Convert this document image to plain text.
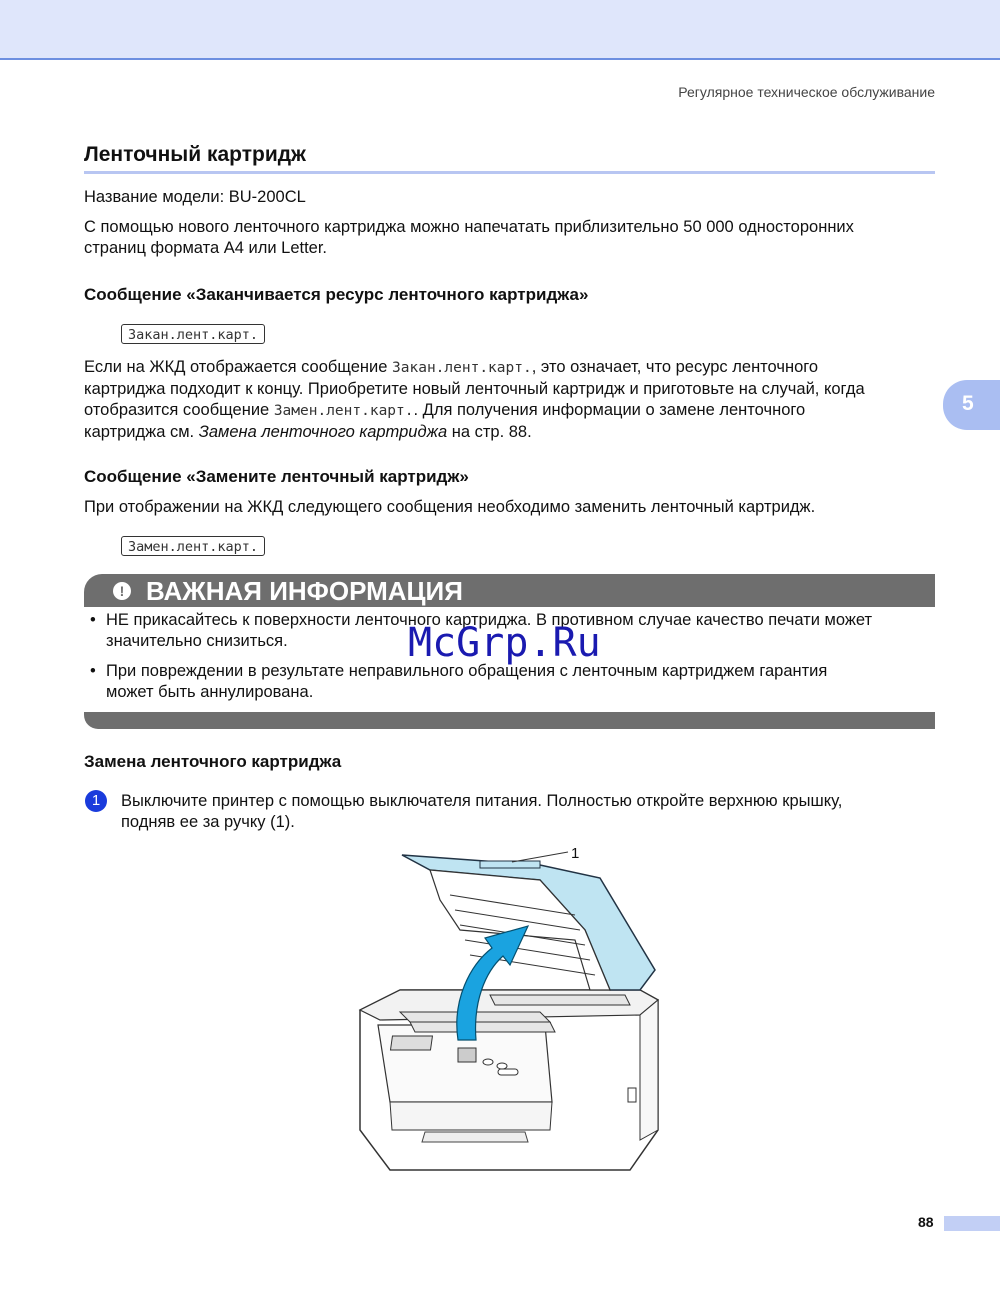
Регулярное техническое обслуживание
Ленточный картридж
Название модели: BU-200CL
С помощью нового ленточного картриджа можно напечатать приблизительно 50 000 односторонних
страниц формата A4 или Letter.
Сообщение «Заканчивается ресурс ленточного картриджа»
Закан.лент.карт.
Если на ЖКД отображается сообщение Закан.лент.карт., это означает, что ресурс ленточного
картриджа подходит к концу. Приобретите новый ленточный картридж и приготовьте на случай, когда
отобразится сообщение Замен.лент.карт.. Для получения информации о замене ленточного
картриджа см. Замена ленточного картриджа на стр. 88.
5
Сообщение «Замените ленточный картридж»
При отображении на ЖКД следующего сообщения необходимо заменить ленточный картридж.
Замен.лент.карт.
! ВАЖНАЯ ИНФОРМАЦИЯ
• НЕ прикасайтесь к поверхности ленточного картриджа. В противном случае качество печати может
значительно снизиться.
• При повреждении в результате неправильного обращения с ленточным картриджем гарантия
может быть аннулирована.
McGrp.Ru
Замена ленточного картриджа
1	Выключите принтер с помощью выключателя питания. Полностью откройте верхнюю крышку,
подняв ее за ручку (1).
1
88
